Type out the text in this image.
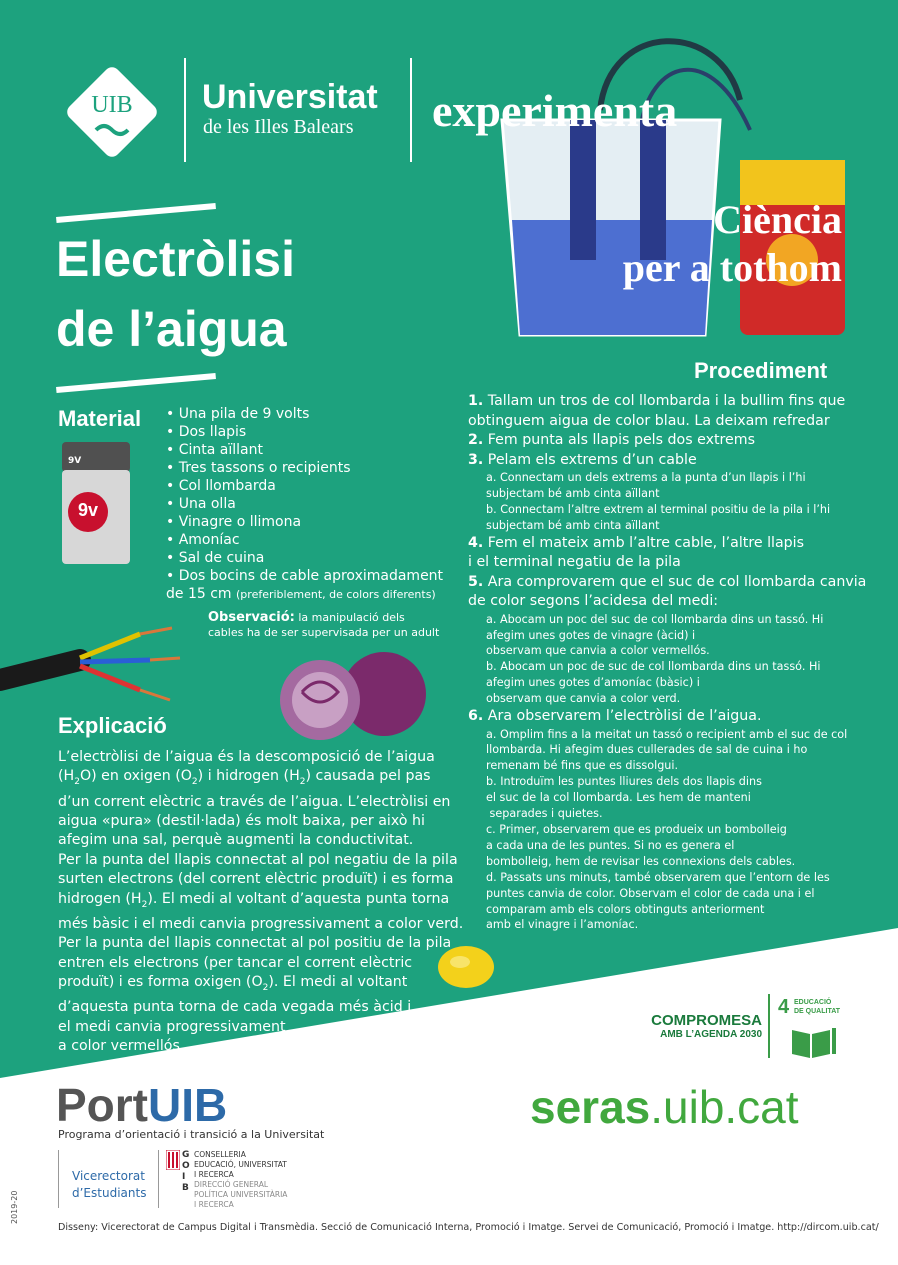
UIB	Universitat
de les Illes Balears experimenta
Ciència
per a tothom
Electròlisi
de l’aigua
Material
9V
9v
• Una pila de 9 volts
• Dos llapis
• Cinta aïllant
• Tres tassons o recipients
• Col llombarda
• Una olla
• Vinagre o llimona
• Amoníac
• Sal de cuina
• Dos bocins de cable aproximadament
de 15 cm (preferiblement, de colors diferents)
Observació: la manipulació dels
cables ha de ser supervisada per un adult
Explicació
L’electròlisi de l’aigua és la descomposició de l’aigua
$(H_2O)$ en oxigen $(O_2)$ i hidrogen $(H_2)$ causada pel pas
d’un corrent elèctric a través de l’aigua. L’electròlisi en
aigua «pura» (destil·lada) és molt baixa, per això hi
afegim una sal, perquè augmenti la conductivitat.
Per la punta del llapis connectat al pol negatiu de la pila
surten electrons (del corrent elèctric produït) i es forma
hidrogen $(H_2)$. El medi al voltant d’aquesta punta torna
més bàsic i el medi canvia progressivament a color verd.
Per la punta del llapis connectat al pol positiu de la pila
entren els electrons (per tancar el corrent elèctric
produït) i es forma oxigen $(O_2)$. El medi al voltant
d’aquesta punta torna de cada vegada més àcid i
el medi canvia progressivament
a color vermellós.
Procediment
1. Tallam un tros de col llombarda i la bullim fins que
obtinguem aigua de color blau. La deixam refredar
2. Fem punta als llapis pels dos extrems
3. Pelam els extrems d’un cable
a. Connectam un dels extrems a la punta d’un llapis i l’hi
subjectam bé amb cinta aïllant
b. Connectam l’altre extrem al terminal positiu de la pila i l’hi
subjectam bé amb cinta aïllant
4. Fem el mateix amb l’altre cable, l’altre llapis
i el terminal negatiu de la pila
5. Ara comprovarem que el suc de col llombarda canvia
de color segons l’acidesa del medi:
a. Abocam un poc del suc de col llombarda dins un tassó. Hi
afegim unes gotes de vinagre (àcid) i
observam que canvia a color vermellós.
b. Abocam un poc de suc de col llombarda dins un tassó. Hi
afegim unes gotes d’amoníac (bàsic) i
observam que canvia a color verd.
6. Ara observarem l’electròlisi de l’aigua.
a. Omplim fins a la meitat un tassó o recipient amb el suc de col
llombarda. Hi afegim dues cullerades de sal de cuina i ho
remenam bé fins que es dissolgui.
b. Introduïm les puntes lliures dels dos llapis dins
el suc de la col llombarda. Les hem de manteni
separades i quietes.
c. Primer, observarem que es produeix un bombolleig
a cada una de les puntes. Si no es genera el
bombolleig, hem de revisar les connexions dels cables.
d. Passats uns minuts, també observarem que l’entorn de les
puntes canvia de color. Observam el color de cada una i el
comparam amb els colors obtinguts anteriorment
amb el vinagre i l’amoníac.
COMPROMESA
AMB L’AGENDA 2030
4 EDUCACIÓ
DE QUALITAT
PortUIB
Programa d’orientació i transició a la Universitat
Vicerectorat
d’Estudiants
G
O
I
B
CONSELLERIA
EDUCACIÓ, UNIVERSITAT
I RECERCA
DIRECCIÓ GENERAL
POLÍTICA UNIVERSITÀRIA
I RECERCA
seras.uib.cat
2019-20
Disseny: Vicerectorat de Campus Digital i Transmèdia. Secció de Comunicació Interna, Promoció i Imatge. Servei de Comunicació, Promoció i Imatge. http://dircom.uib.cat/
